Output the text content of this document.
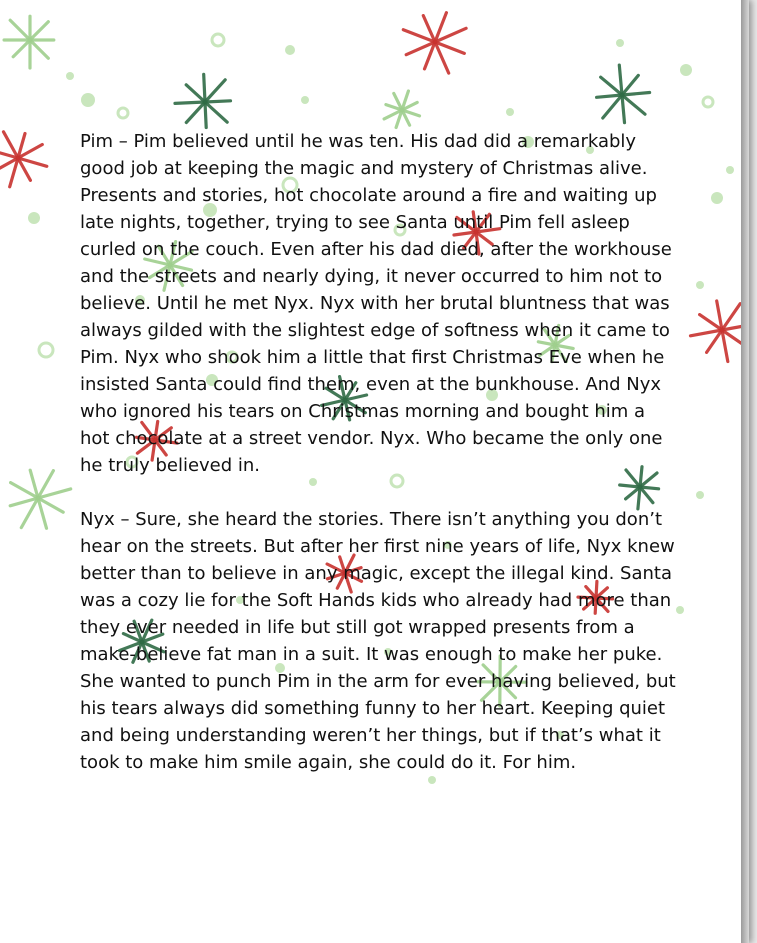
Pim – Pim believed until he was ten. His dad did a remarkably good job at keeping the magic and mystery of Christmas alive. Presents and stories, hot chocolate around a fire and waiting up late nights, together, trying to see Santa until Pim fell asleep curled on the couch. Even after his dad died, after the workhouse and the streets and nearly dying, it never occurred to him not to believe. Until he met Nyx. Nyx with her brutal bluntness that was always gilded with the slightest edge of softness when it came to Pim. Nyx who shook him a little that first Christmas Eve when he insisted Santa could find them, even at the bunkhouse. And Nyx who ignored his tears on Christmas morning and bought him a hot chocolate at a street vendor. Nyx. Who became the only one he truly believed in.

Nyx – Sure, she heard the stories. There isn’t anything you don’t hear on the streets. But after her first nine years of life, Nyx knew better than to believe in any magic, except the illegal kind. Santa was a cozy lie for the Soft Hands kids who already had more than they ever needed in life but still got wrapped presents from a make-believe fat man in a suit. It was enough to make her puke. She wanted to punch Pim in the arm for ever having believed, but his tears always did something funny to her heart. Keeping quiet and being understanding weren’t her things, but if that’s what it took to make him smile again, she could do it. For him.
